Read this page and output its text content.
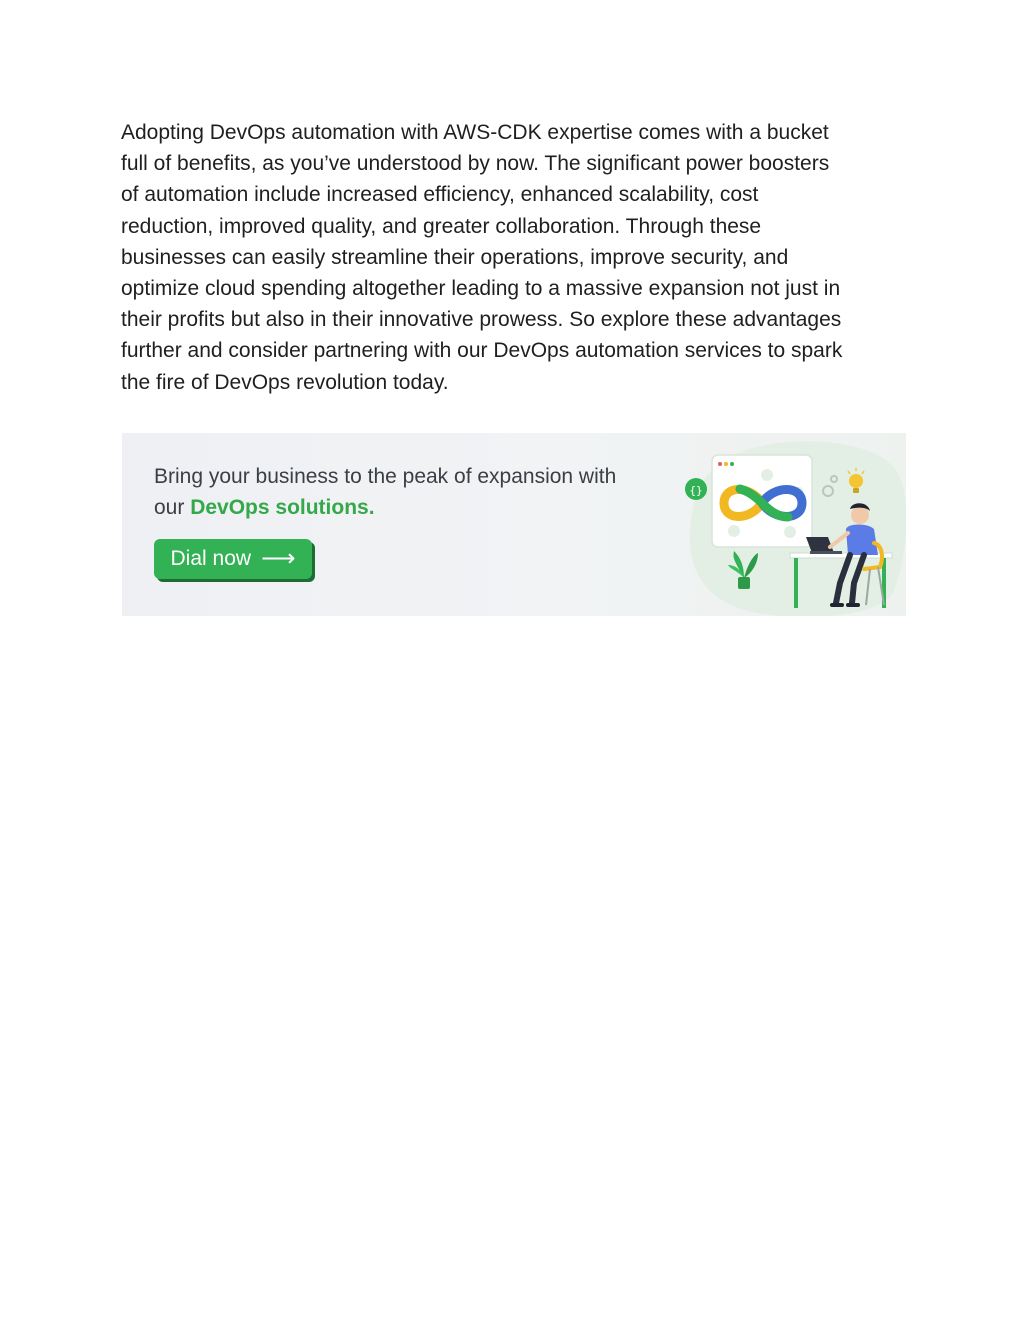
Adopting DevOps automation with AWS-CDK expertise comes with a bucket
full of benefits, as you’ve understood by now. The significant power boosters
of automation include increased efficiency, enhanced scalability, cost
reduction, improved quality, and greater collaboration. Through these
businesses can easily streamline their operations, improve security, and
optimize cloud spending altogether leading to a massive expansion not just in
their profits but also in their innovative prowess. So explore these advantages
further and consider partnering with our DevOps automation services to spark
the fire of DevOps revolution today.

Bring your business to the peak of expansion with
our DevOps solutions.
Dial now ⟶
{}
